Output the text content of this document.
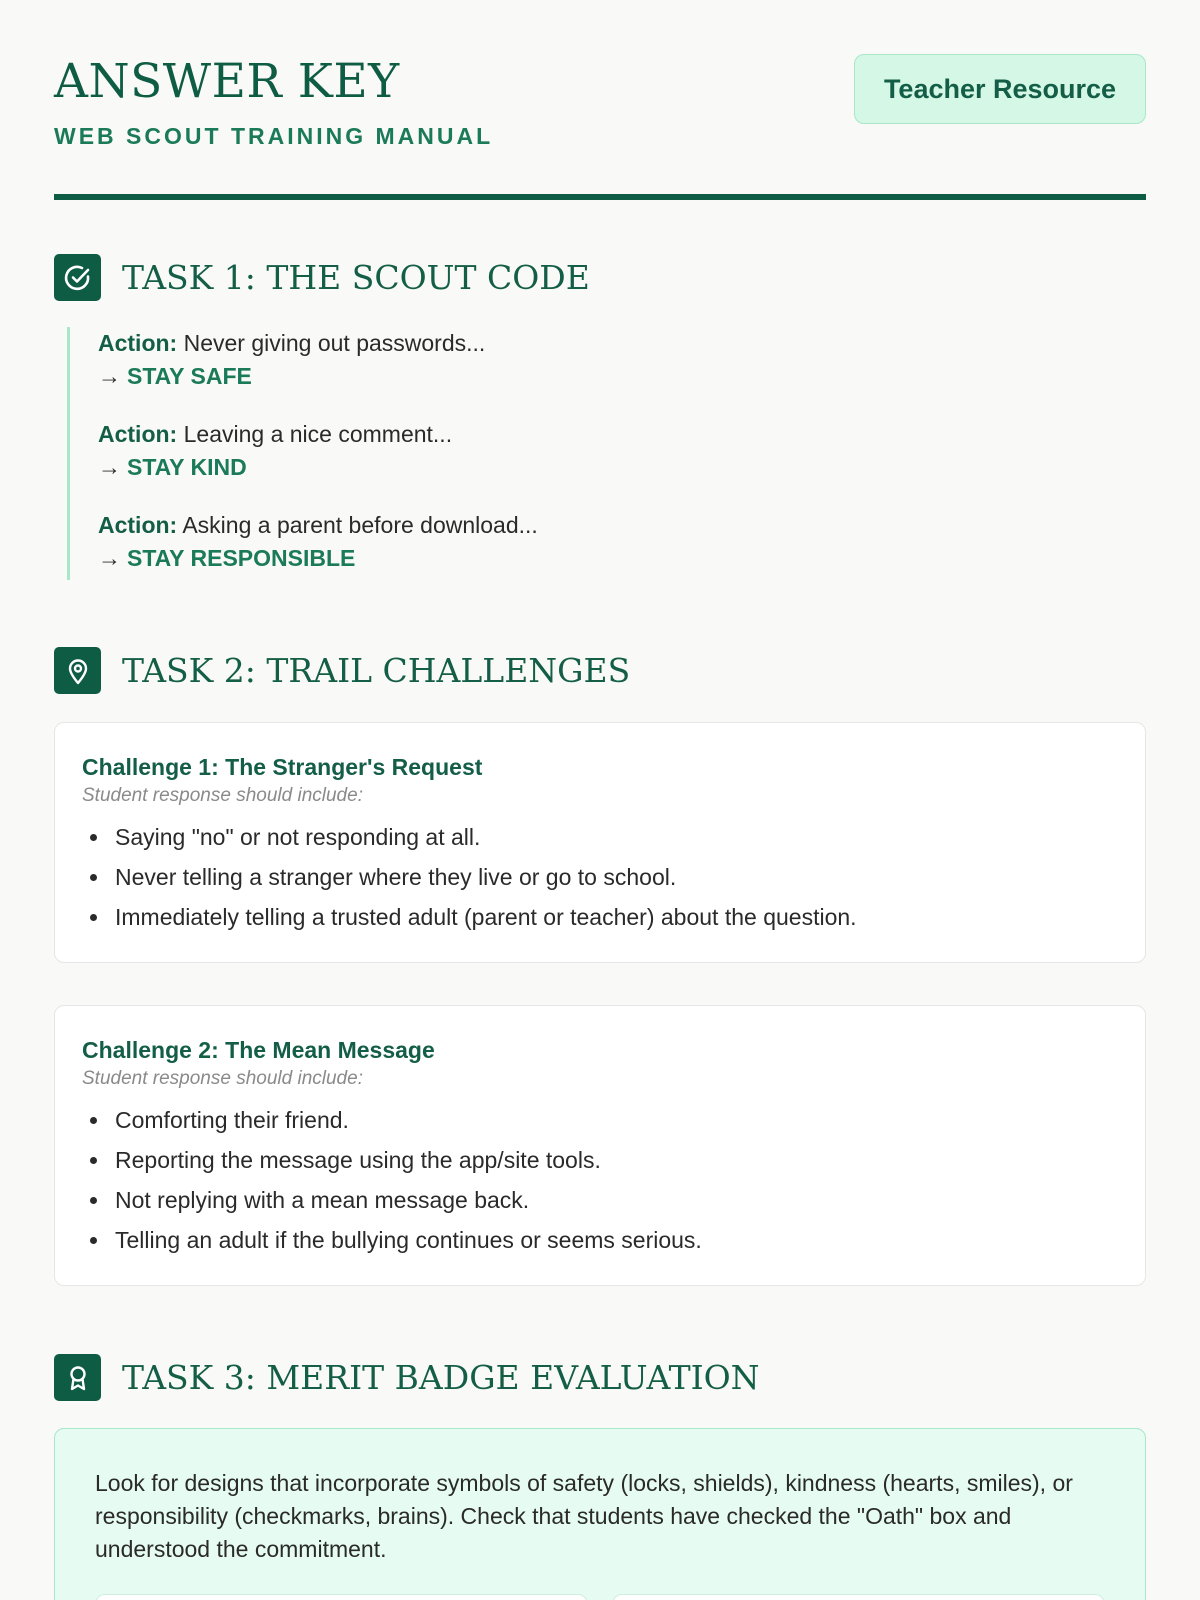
ANSWER KEY
WEB SCOUT TRAINING MANUAL
Teacher Resource
TASK 1: THE SCOUT CODE
Action: Never giving out passwords...
→ STAY SAFE
Action: Leaving a nice comment...
→ STAY KIND
Action: Asking a parent before download...
→ STAY RESPONSIBLE
TASK 2: TRAIL CHALLENGES
Challenge 1: The Stranger's Request
Student response should include:
Saying "no" or not responding at all.
Never telling a stranger where they live or go to school.
Immediately telling a trusted adult (parent or teacher) about the question.
Challenge 2: The Mean Message
Student response should include:
Comforting their friend.
Reporting the message using the app/site tools.
Not replying with a mean message back.
Telling an adult if the bullying continues or seems serious.
TASK 3: MERIT BADGE EVALUATION

Look for designs that incorporate symbols of safety (locks, shields), kindness (hearts, smiles), or responsibility (checkmarks, brains). Check that students have checked the "Oath" box and understood the commitment.
